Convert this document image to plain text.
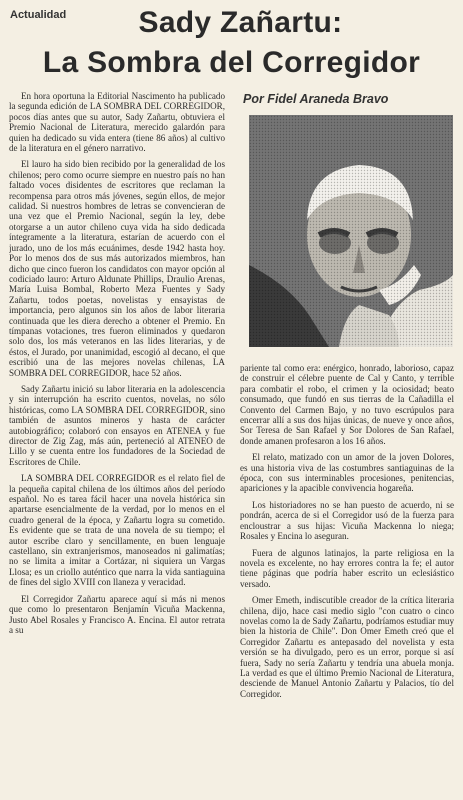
Actualidad	Sady Zañartu:
La Sombra del Corregidor
Por Fidel Araneda Bravo

En hora oportuna la Editorial Nascimento ha publicado la segunda edición de LA SOMBRA DEL CORREGIDOR, pocos días antes que su autor, Sady Zañartu, obtuviera el Premio Nacional de Literatura, merecido galardón para quien ha dedicado su vida entera (tiene 86 años) al cultivo de la literatura en el género narrativo.

El lauro ha sido bien recibido por la generalidad de los chilenos; pero como ocurre siempre en nuestro país no han faltado voces disidentes de escritores que reclaman la recompensa para otros más jóvenes, según ellos, de mejor calidad. Si nuestros hombres de letras se convencieran de una vez que el Premio Nacional, según la ley, debe otorgarse a un autor chileno cuya vida ha sido dedicada íntegramente a la literatura, estarían de acuerdo con el jurado, uno de los más ecuánimes, desde 1942 hasta hoy. Por lo menos dos de sus más autorizados miembros, han dicho que cinco fueron los candidatos con mayor opción al codiciado lauro: Arturo Aldunate Phillips, Draulio Arenas, María Luisa Bombal, Roberto Meza Fuentes y Sady Zañartu, todos poetas, novelistas y ensayistas de importancia, pero algunos sin los años de labor literaria continuada que les diera derecho a obtener el Premio. En tímpanas votaciones, tres fueron eliminados y quedaron solo dos, los más veteranos en las lides literarias, y de éstos, el Jurado, por unanimidad, escogió al decano, el que escribió una de las mejores novelas chilenas, LA SOMBRA DEL CORREGIDOR, hace 52 años.

Sady Zañartu inició su labor literaria en la adolescencia y sin interrupción ha escrito cuentos, novelas, no sólo históricas, como LA SOMBRA DEL CORREGIDOR, sino también de asuntos mineros y hasta de carácter autobiográfico; colaboró con ensayos en ATENEA y fue director de Zig Zag, más aún, perteneció al ATENEO de Lillo y se cuenta entre los fundadores de la Sociedad de Escritores de Chile.

LA SOMBRA DEL CORREGIDOR es el relato fiel de la pequeña capital chilena de los últimos años del período español. No es tarea fácil hacer una novela histórica sin apartarse esencialmente de la verdad, por lo menos en el cuadro general de la época, y Zañartu logra su cometido. Es evidente que se trata de una novela de su tiempo; el autor escribe claro y sencillamente, en buen lenguaje castellano, sin extranjerismos, manoseados ni galimatías; no se limita a imitar a Cortázar, ni siquiera un Vargas Llosa; es un criollo auténtico que narra la vida santiaguina de fines del siglo XVIII con llaneza y veracidad.

El Corregidor Zañartu aparece aquí si más ni menos que como lo presentaron Benjamín Vicuña Mackenna, Justo Abel Rosales y Francisco A. Encina. El autor retrata a su

pariente tal como era: enérgico, honrado, laborioso, capaz de construir el célebre puente de Cal y Canto, y terrible para combatir el robo, el crimen y la ociosidad; beato consumado, que fundó en sus tierras de la Cañadilla el Convento del Carmen Bajo, y no tuvo escrúpulos para encerrar allí a sus dos hijas únicas, de nueve y once años, Sor Teresa de San Rafael y Sor Dolores de San Rafael, donde amanen profesaron a los 16 años.

El relato, matizado con un amor de la joven Dolores, es una historia viva de las costumbres santiaguinas de la época, con sus interminables procesiones, penitencias, apariciones y la apacible convivencia hogareña.

Los historiadores no se han puesto de acuerdo, ni se pondrán, acerca de si el Corregidor usó de la fuerza para encloustrar a sus hijas: Vicuña Mackenna lo niega; Rosales y Encina lo aseguran.

Fuera de algunos latinajos, la parte religiosa en la novela es excelente, no hay errores contra la fe; el autor tiene páginas que podría haber escrito un eclesiástico versado.

Omer Emeth, indiscutible creador de la crítica literaria chilena, dijo, hace casi medio siglo "con cuatro o cinco novelas como la de Sady Zañartu, podríamos estudiar muy bien la historia de Chile". Don Omer Emeth creó que el Corregidor Zañartu es antepasado del novelista y esta versión se ha divulgado, pero es un error, porque si así fuera, Sady no sería Zañartu y tendría una abuela monja. La verdad es que el último Premio Nacional de Literatura, desciende de Manuel Antonio Zañartu y Palacios, tío del Corregidor.
